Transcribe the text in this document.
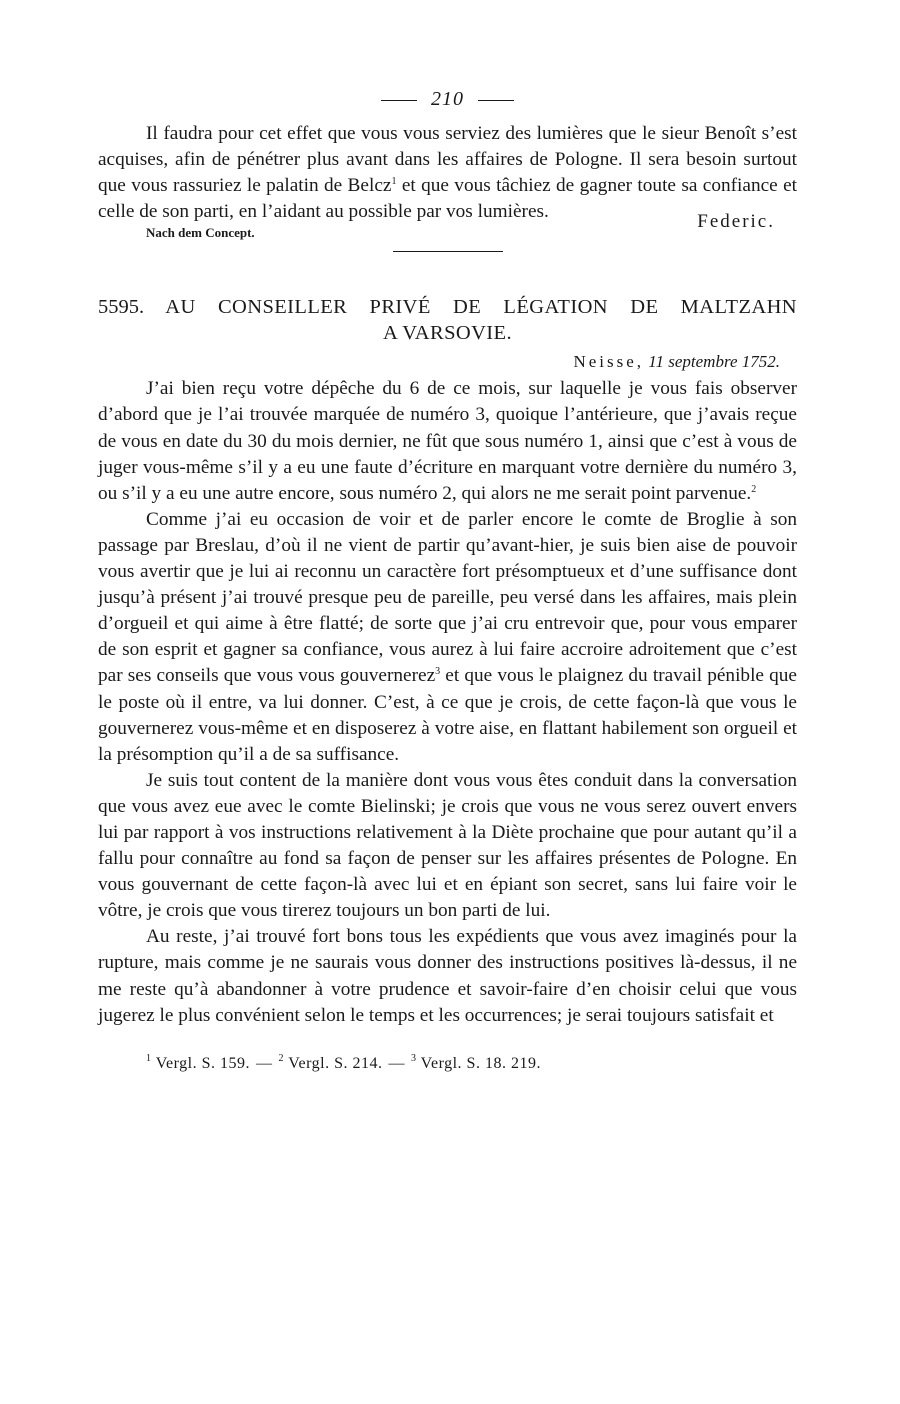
210

Il faudra pour cet effet que vous vous serviez des lumières que le sieur Benoît s’est acquises, afin de pénétrer plus avant dans les affaires de Pologne. Il sera besoin surtout que vous rassuriez le palatin de Belcz$^1$ et que vous tâchiez de gagner toute sa confiance et celle de son parti, en l’aidant au possible par vos lumières.

Nach dem Concept.
Federic.
5595. AU CONSEILLER PRIVÉ DE LÉGATION DE MALTZAHN
A VARSOVIE.
Neisse, 11 septembre 1752.

J’ai bien reçu votre dépêche du 6 de ce mois, sur laquelle je vous fais observer d’abord que je l’ai trouvée marquée de numéro 3, quoique l’antérieure, que j’avais reçue de vous en date du 30 du mois dernier, ne fût que sous numéro 1, ainsi que c’est à vous de juger vous-même s’il y a eu une faute d’écriture en marquant votre dernière du numéro 3, ou s’il y a eu une autre encore, sous numéro 2, qui alors ne me serait point parvenue.$^2$

Comme j’ai eu occasion de voir et de parler encore le comte de Broglie à son passage par Breslau, d’où il ne vient de partir qu’avant-hier, je suis bien aise de pouvoir vous avertir que je lui ai reconnu un caractère fort présomptueux et d’une suffisance dont jusqu’à présent j’ai trouvé presque peu de pareille, peu versé dans les affaires, mais plein d’orgueil et qui aime à être flatté; de sorte que j’ai cru entrevoir que, pour vous emparer de son esprit et gagner sa confiance, vous aurez à lui faire accroire adroitement que c’est par ses conseils que vous vous gouvernerez$^3$ et que vous le plaignez du travail pénible que le poste où il entre, va lui donner. C’est, à ce que je crois, de cette façon-là que vous le gouvernerez vous-même et en disposerez à votre aise, en flattant habilement son orgueil et la présomption qu’il a de sa suffisance.

Je suis tout content de la manière dont vous vous êtes conduit dans la conversation que vous avez eue avec le comte Bielinski; je crois que vous ne vous serez ouvert envers lui par rapport à vos instructions relativement à la Diète prochaine que pour autant qu’il a fallu pour connaître au fond sa façon de penser sur les affaires présentes de Pologne. En vous gouvernant de cette façon-là avec lui et en épiant son secret, sans lui faire voir le vôtre, je crois que vous tirerez toujours un bon parti de lui.

Au reste, j’ai trouvé fort bons tous les expédients que vous avez imaginés pour la rupture, mais comme je ne saurais vous donner des instructions positives là-dessus, il ne me reste qu’à abandonner à votre prudence et savoir-faire d’en choisir celui que vous jugerez le plus convénient selon le temps et les occurrences; je serai toujours satisfait et

$^1$ Vergl. S. 159. — $^2$ Vergl. S. 214. — $^3$ Vergl. S. 18. 219.
